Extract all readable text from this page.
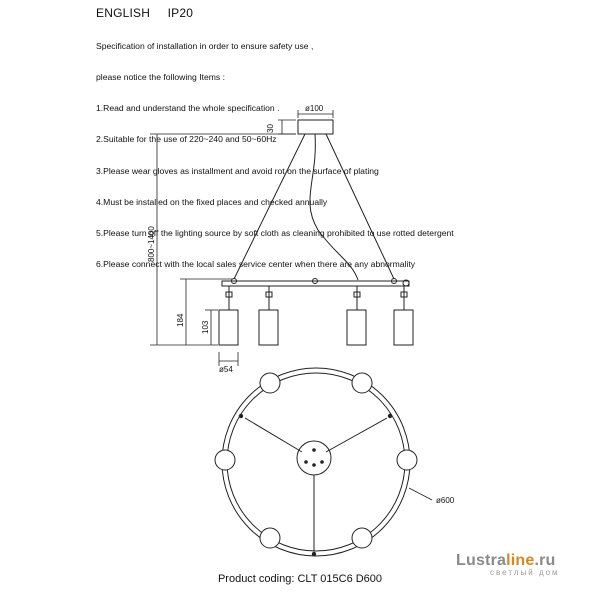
ENGLISH IP20

Specification of installation in order to ensure safety use ,

please notice the following Items :

1.Read and understand the whole specification .

2.Suitable for the use of 220~240 and 50~60Hz

3.Please wear gloves as installment and avoid rot on the surface of plating

4.Must be installed on the fixed places and checked annually

5.Please turn off the lighting source by soft cloth as cleaning prohibited to use rotted detergent

6.Please connect with the local sales service center when there are any abnormality

ø100
30
800~1400
184
103
ø54
ø600
Product coding: CLT 015C6 D600
Lustraline.ru
светлый дом
